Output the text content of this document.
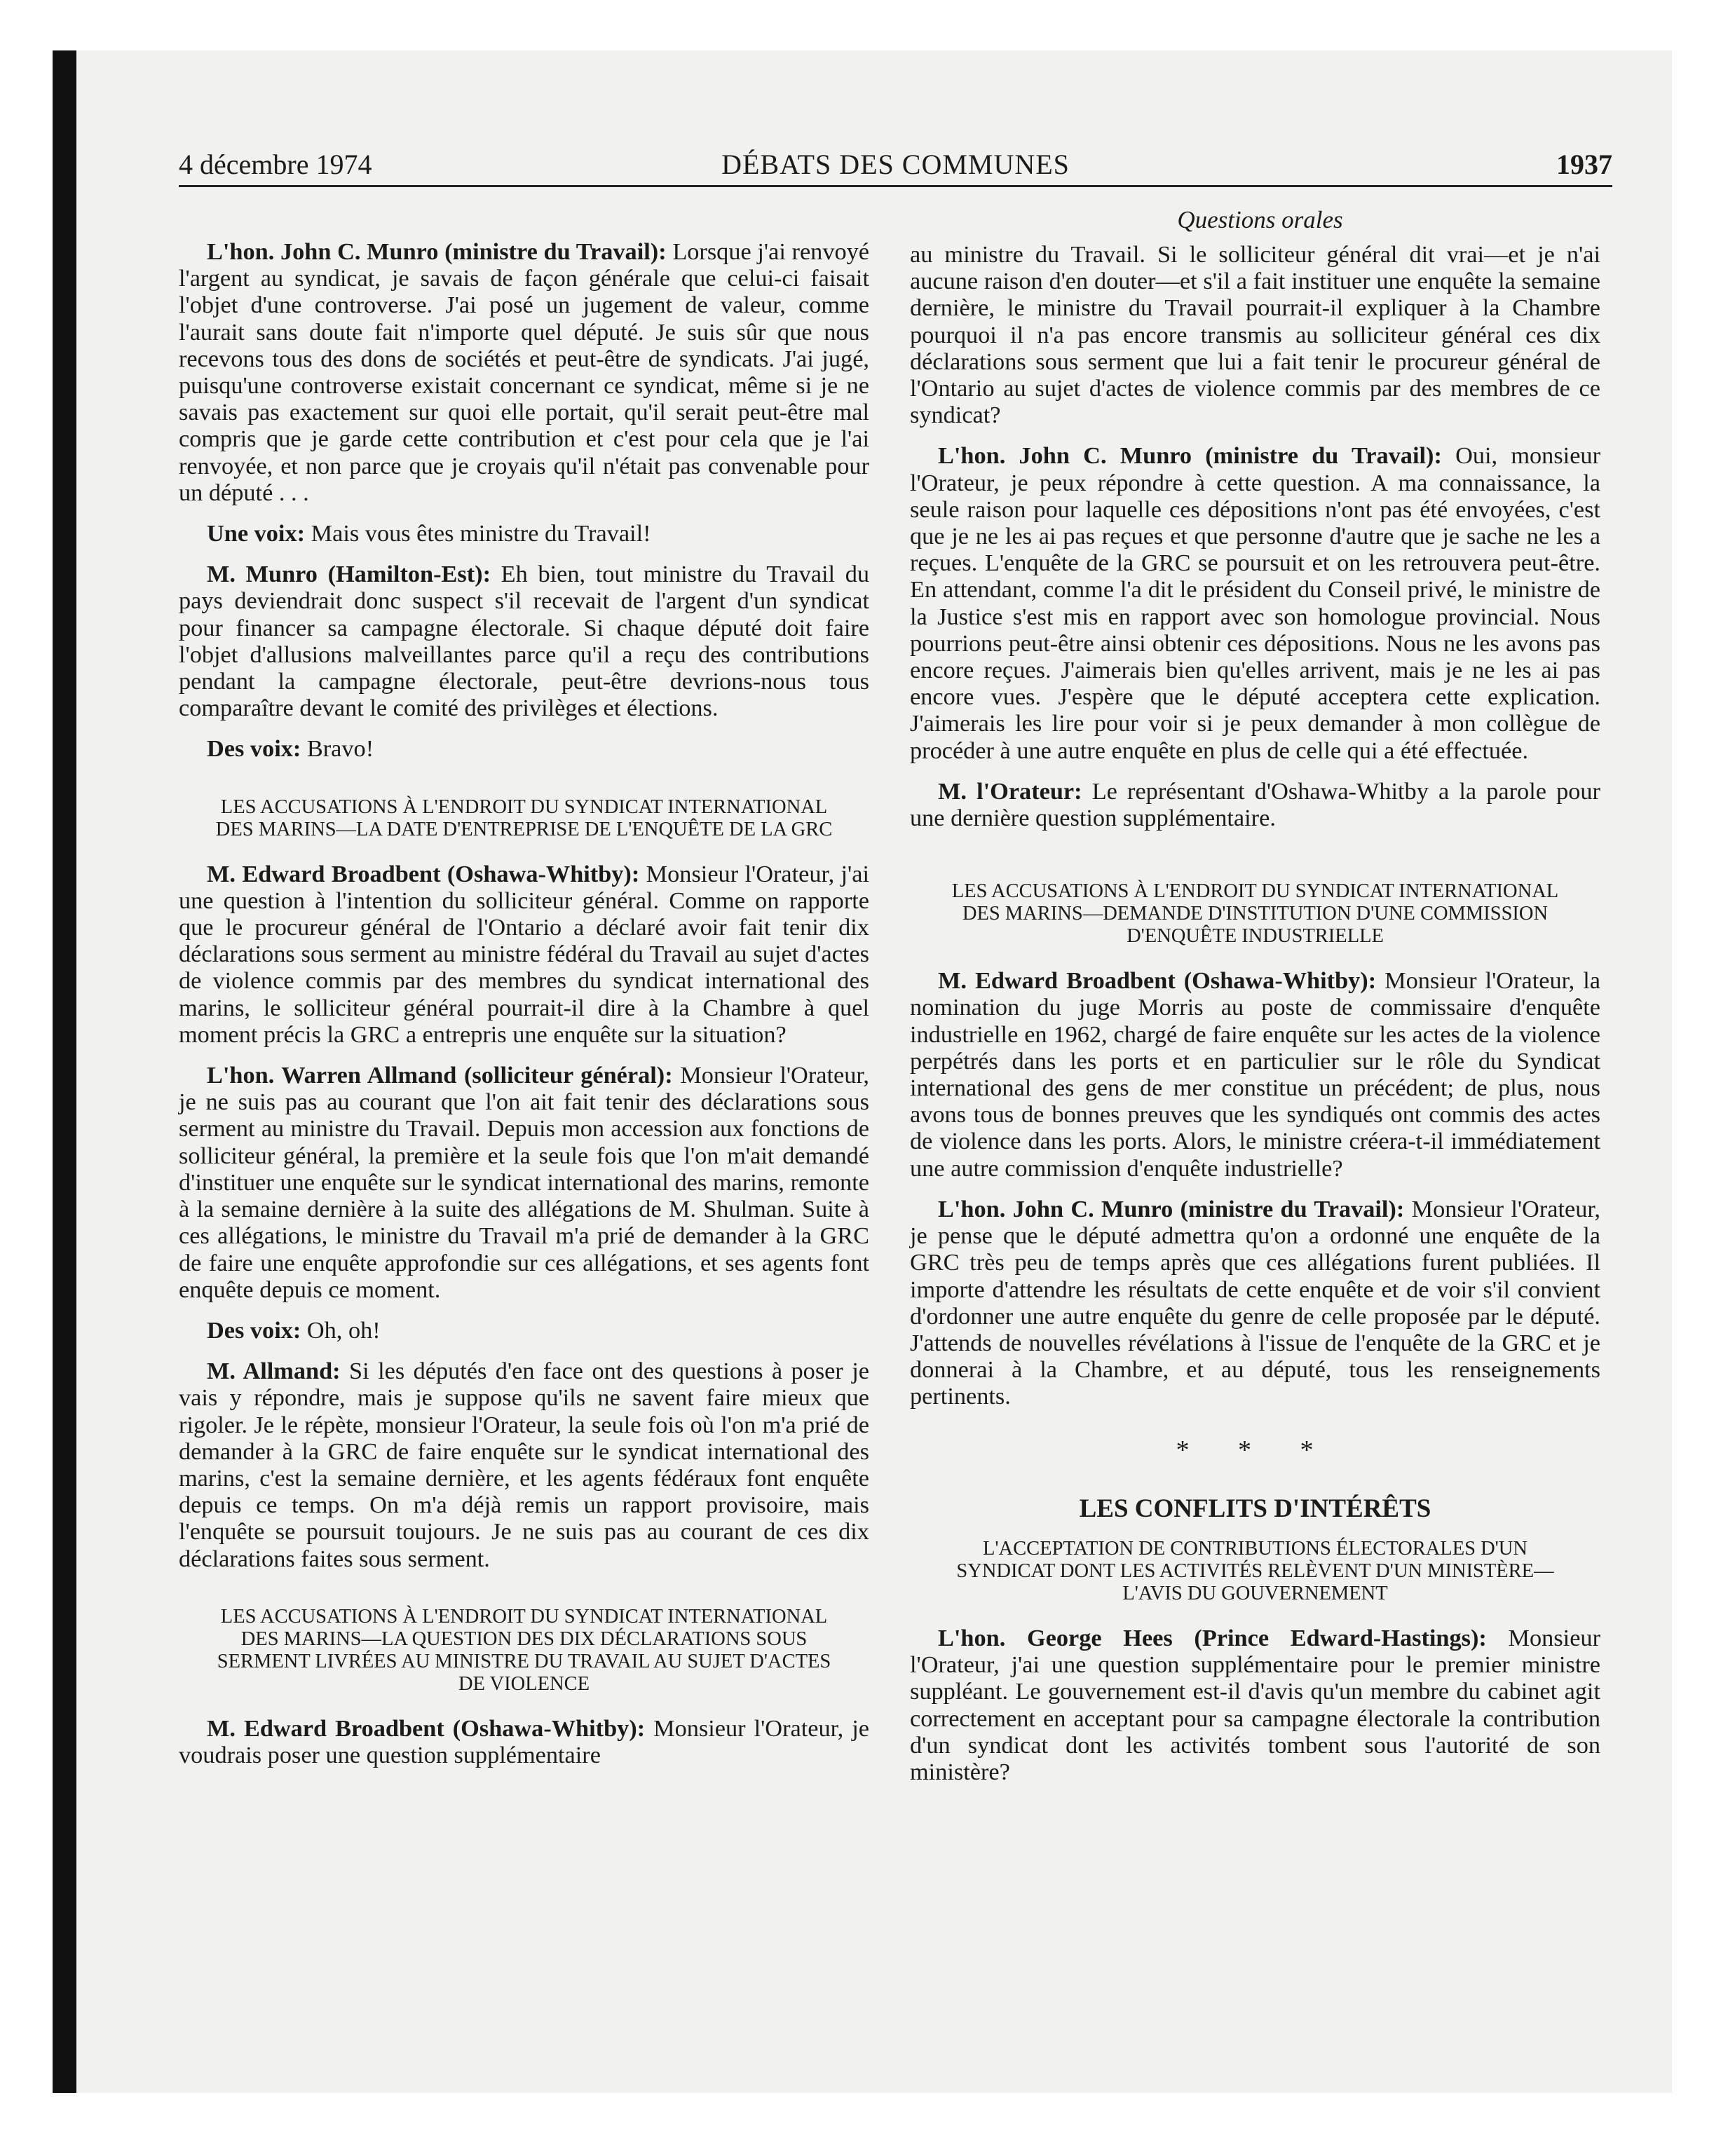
4 décembre 1974	DÉBATS DES COMMUNES	1937
Questions orales

L'hon. John C. Munro (ministre du Travail): Lorsque j'ai renvoyé l'argent au syndicat, je savais de façon générale que celui-ci faisait l'objet d'une controverse. J'ai posé un jugement de valeur, comme l'aurait sans doute fait n'importe quel député. Je suis sûr que nous recevons tous des dons de sociétés et peut-être de syndicats. J'ai jugé, puisqu'une controverse existait concernant ce syndicat, même si je ne savais pas exactement sur quoi elle portait, qu'il serait peut-être mal compris que je garde cette contribution et c'est pour cela que je l'ai renvoyée, et non parce que je croyais qu'il n'était pas convenable pour un député . . .

Une voix: Mais vous êtes ministre du Travail!

M. Munro (Hamilton-Est): Eh bien, tout ministre du Travail du pays deviendrait donc suspect s'il recevait de l'argent d'un syndicat pour financer sa campagne électorale. Si chaque député doit faire l'objet d'allusions malveillantes parce qu'il a reçu des contributions pendant la campagne électorale, peut-être devrions-nous tous comparaître devant le comité des privilèges et élections.

Des voix: Bravo!

LES ACCUSATIONS À L'ENDROIT DU SYNDICAT INTERNATIONAL DES MARINS—LA DATE D'ENTREPRISE DE L'ENQUÊTE DE LA GRC

M. Edward Broadbent (Oshawa-Whitby): Monsieur l'Orateur, j'ai une question à l'intention du solliciteur général. Comme on rapporte que le procureur général de l'Ontario a déclaré avoir fait tenir dix déclarations sous serment au ministre fédéral du Travail au sujet d'actes de violence commis par des membres du syndicat international des marins, le solliciteur général pourrait-il dire à la Chambre à quel moment précis la GRC a entrepris une enquête sur la situation?

L'hon. Warren Allmand (solliciteur général): Monsieur l'Orateur, je ne suis pas au courant que l'on ait fait tenir des déclarations sous serment au ministre du Travail. Depuis mon accession aux fonctions de solliciteur général, la première et la seule fois que l'on m'ait demandé d'instituer une enquête sur le syndicat international des marins, remonte à la semaine dernière à la suite des allégations de M. Shulman. Suite à ces allégations, le ministre du Travail m'a prié de demander à la GRC de faire une enquête approfondie sur ces allégations, et ses agents font enquête depuis ce moment.

Des voix: Oh, oh!

M. Allmand: Si les députés d'en face ont des questions à poser je vais y répondre, mais je suppose qu'ils ne savent faire mieux que rigoler. Je le répète, monsieur l'Orateur, la seule fois où l'on m'a prié de demander à la GRC de faire enquête sur le syndicat international des marins, c'est la semaine dernière, et les agents fédéraux font enquête depuis ce temps. On m'a déjà remis un rapport provisoire, mais l'enquête se poursuit toujours. Je ne suis pas au courant de ces dix déclarations faites sous serment.

LES ACCUSATIONS À L'ENDROIT DU SYNDICAT INTERNATIONAL DES MARINS—LA QUESTION DES DIX DÉCLARATIONS SOUS SERMENT LIVRÉES AU MINISTRE DU TRAVAIL AU SUJET D'ACTES DE VIOLENCE

M. Edward Broadbent (Oshawa-Whitby): Monsieur l'Orateur, je voudrais poser une question supplémentaire

au ministre du Travail. Si le solliciteur général dit vrai—et je n'ai aucune raison d'en douter—et s'il a fait instituer une enquête la semaine dernière, le ministre du Travail pourrait-il expliquer à la Chambre pourquoi il n'a pas encore transmis au solliciteur général ces dix déclarations sous serment que lui a fait tenir le procureur général de l'Ontario au sujet d'actes de violence commis par des membres de ce syndicat?

L'hon. John C. Munro (ministre du Travail): Oui, monsieur l'Orateur, je peux répondre à cette question. A ma connaissance, la seule raison pour laquelle ces dépositions n'ont pas été envoyées, c'est que je ne les ai pas reçues et que personne d'autre que je sache ne les a reçues. L'enquête de la GRC se poursuit et on les retrouvera peut-être. En attendant, comme l'a dit le président du Conseil privé, le ministre de la Justice s'est mis en rapport avec son homologue provincial. Nous pourrions peut-être ainsi obtenir ces dépositions. Nous ne les avons pas encore reçues. J'aimerais bien qu'elles arrivent, mais je ne les ai pas encore vues. J'espère que le député acceptera cette explication. J'aimerais les lire pour voir si je peux demander à mon collègue de procéder à une autre enquête en plus de celle qui a été effectuée.

M. l'Orateur: Le représentant d'Oshawa-Whitby a la parole pour une dernière question supplémentaire.

LES ACCUSATIONS À L'ENDROIT DU SYNDICAT INTERNATIONAL DES MARINS—DEMANDE D'INSTITUTION D'UNE COMMISSION D'ENQUÊTE INDUSTRIELLE

M. Edward Broadbent (Oshawa-Whitby): Monsieur l'Orateur, la nomination du juge Morris au poste de commissaire d'enquête industrielle en 1962, chargé de faire enquête sur les actes de la violence perpétrés dans les ports et en particulier sur le rôle du Syndicat international des gens de mer constitue un précédent; de plus, nous avons tous de bonnes preuves que les syndiqués ont commis des actes de violence dans les ports. Alors, le ministre créera-t-il immédiatement une autre commission d'enquête industrielle?

L'hon. John C. Munro (ministre du Travail): Monsieur l'Orateur, je pense que le député admettra qu'on a ordonné une enquête de la GRC très peu de temps après que ces allégations furent publiées. Il importe d'attendre les résultats de cette enquête et de voir s'il convient d'ordonner une autre enquête du genre de celle proposée par le député. J'attends de nouvelles révélations à l'issue de l'enquête de la GRC et je donnerai à la Chambre, et au député, tous les renseignements pertinents.

* * *
LES CONFLITS D'INTÉRÊTS
L'ACCEPTATION DE CONTRIBUTIONS ÉLECTORALES D'UN SYNDICAT DONT LES ACTIVITÉS RELÈVENT D'UN MINISTÈRE—L'AVIS DU GOUVERNEMENT

L'hon. George Hees (Prince Edward-Hastings): Monsieur l'Orateur, j'ai une question supplémentaire pour le premier ministre suppléant. Le gouvernement est-il d'avis qu'un membre du cabinet agit correctement en acceptant pour sa campagne électorale la contribution d'un syndicat dont les activités tombent sous l'autorité de son ministère?
